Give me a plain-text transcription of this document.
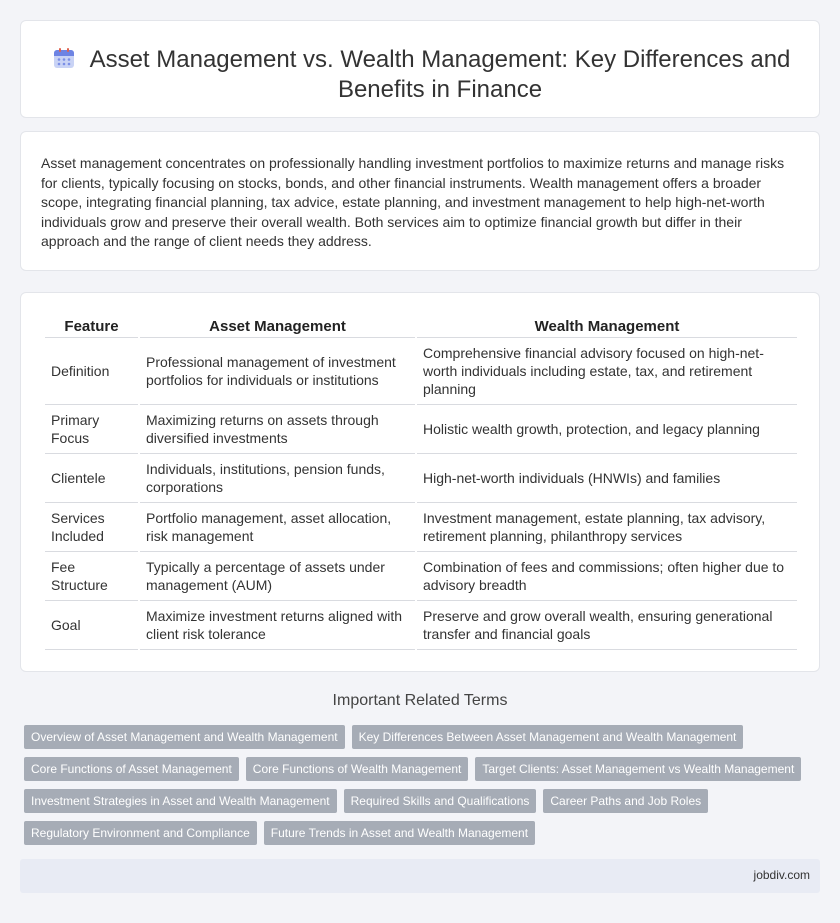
Asset Management vs. Wealth Management: Key Differences and Benefits in Finance

Asset management concentrates on professionally handling investment portfolios to maximize returns and manage risks for clients, typically focusing on stocks, bonds, and other financial instruments. Wealth management offers a broader scope, integrating financial planning, tax advice, estate planning, and investment management to help high-net-worth individuals grow and preserve their overall wealth. Both services aim to optimize financial growth but differ in their approach and the range of client needs they address.

Feature	Asset Management	Wealth Management
Definition	Professional management of investment portfolios for individuals or institutions	Comprehensive financial advisory focused on high-net-worth individuals including estate, tax, and retirement planning
Primary Focus	Maximizing returns on assets through diversified investments	Holistic wealth growth, protection, and legacy planning
Clientele	Individuals, institutions, pension funds, corporations	High-net-worth individuals (HNWIs) and families
Services Included	Portfolio management, asset allocation, risk management	Investment management, estate planning, tax advisory, retirement planning, philanthropy services
Fee Structure	Typically a percentage of assets under management (AUM)	Combination of fees and commissions; often higher due to advisory breadth
Goal	Maximize investment returns aligned with client risk tolerance	Preserve and grow overall wealth, ensuring generational transfer and financial goals
Important Related Terms
Overview of Asset Management and Wealth Management	Key Differences Between Asset Management and Wealth Management
Core Functions of Asset Management	Core Functions of Wealth Management	Target Clients: Asset Management vs Wealth Management
Investment Strategies in Asset and Wealth Management	Required Skills and Qualifications	Career Paths and Job Roles
Regulatory Environment and Compliance	Future Trends in Asset and Wealth Management
jobdiv.com
